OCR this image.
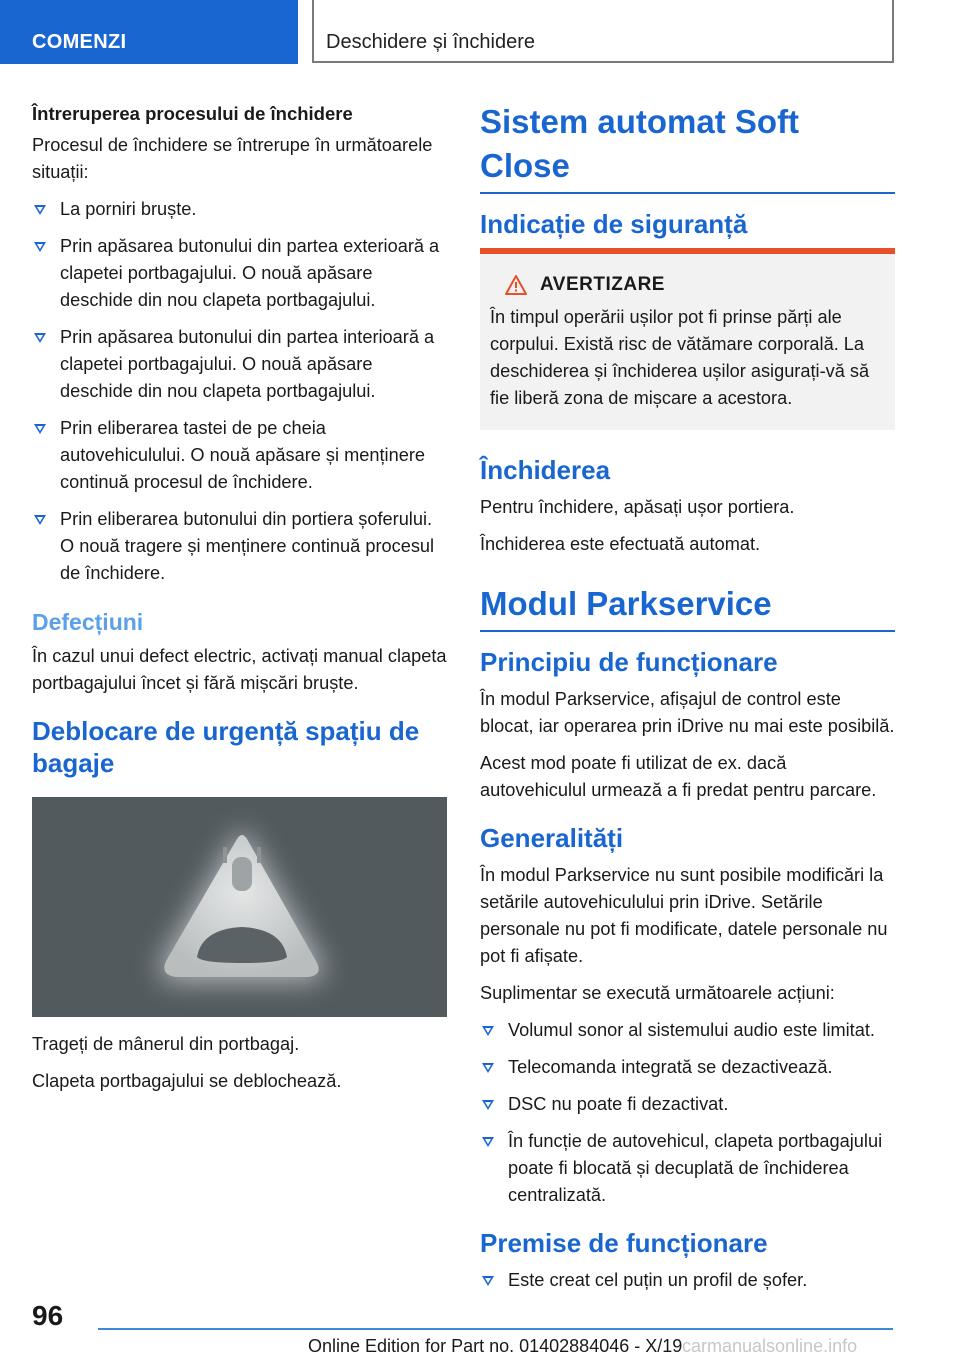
COMENZI	Deschidere și închidere
Întreruperea procesului de închidere

Procesul de închidere se întrerupe în următoarele situații:

La porniri bruște.
Prin apăsarea butonului din partea exterioară a clapetei portbagajului. O nouă apăsare deschide din nou clapeta portbagajului.
Prin apăsarea butonului din partea interioară a clapetei portbagajului. O nouă apăsare deschide din nou clapeta portbagajului.
Prin eliberarea tastei de pe cheia autovehiculului. O nouă apăsare și menținere continuă procesul de închidere.
Prin eliberarea butonului din portiera șoferului. O nouă tragere și menținere continuă procesul de închidere.
Defecțiuni

În cazul unui defect electric, activați manual clapeta portbagajului încet și fără mișcări bruște.

Deblocare de urgență spațiu de bagaje

Trageți de mânerul din portbagaj.

Clapeta portbagajului se deblochează.

Sistem automat Soft Close
Indicație de siguranță
AVERTIZARE

În timpul operării ușilor pot fi prinse părți ale corpului. Există risc de vătămare corporală. La deschiderea și închiderea ușilor asigurați-vă să fie liberă zona de mișcare a acestora.

Închiderea

Pentru închidere, apăsați ușor portiera.

Închiderea este efectuată automat.

Modul Parkservice
Principiu de funcționare

În modul Parkservice, afișajul de control este blocat, iar operarea prin iDrive nu mai este posibilă.

Acest mod poate fi utilizat de ex. dacă autovehiculul urmează a fi predat pentru parcare.

Generalități

În modul Parkservice nu sunt posibile modificări la setările autovehiculului prin iDrive. Setările personale nu pot fi modificate, datele personale nu pot fi afișate.

Suplimentar se execută următoarele acțiuni:

Volumul sonor al sistemului audio este limitat.
Telecomanda integrată se dezactivează.
DSC nu poate fi dezactivat.
În funcție de autovehicul, clapeta portbagajului poate fi blocată și decuplată de închiderea centralizată.
Premise de funcționare
Este creat cel puțin un profil de șofer.
96
Online Edition for Part no. 01402884046 - X/19 carmanualsonline.info
